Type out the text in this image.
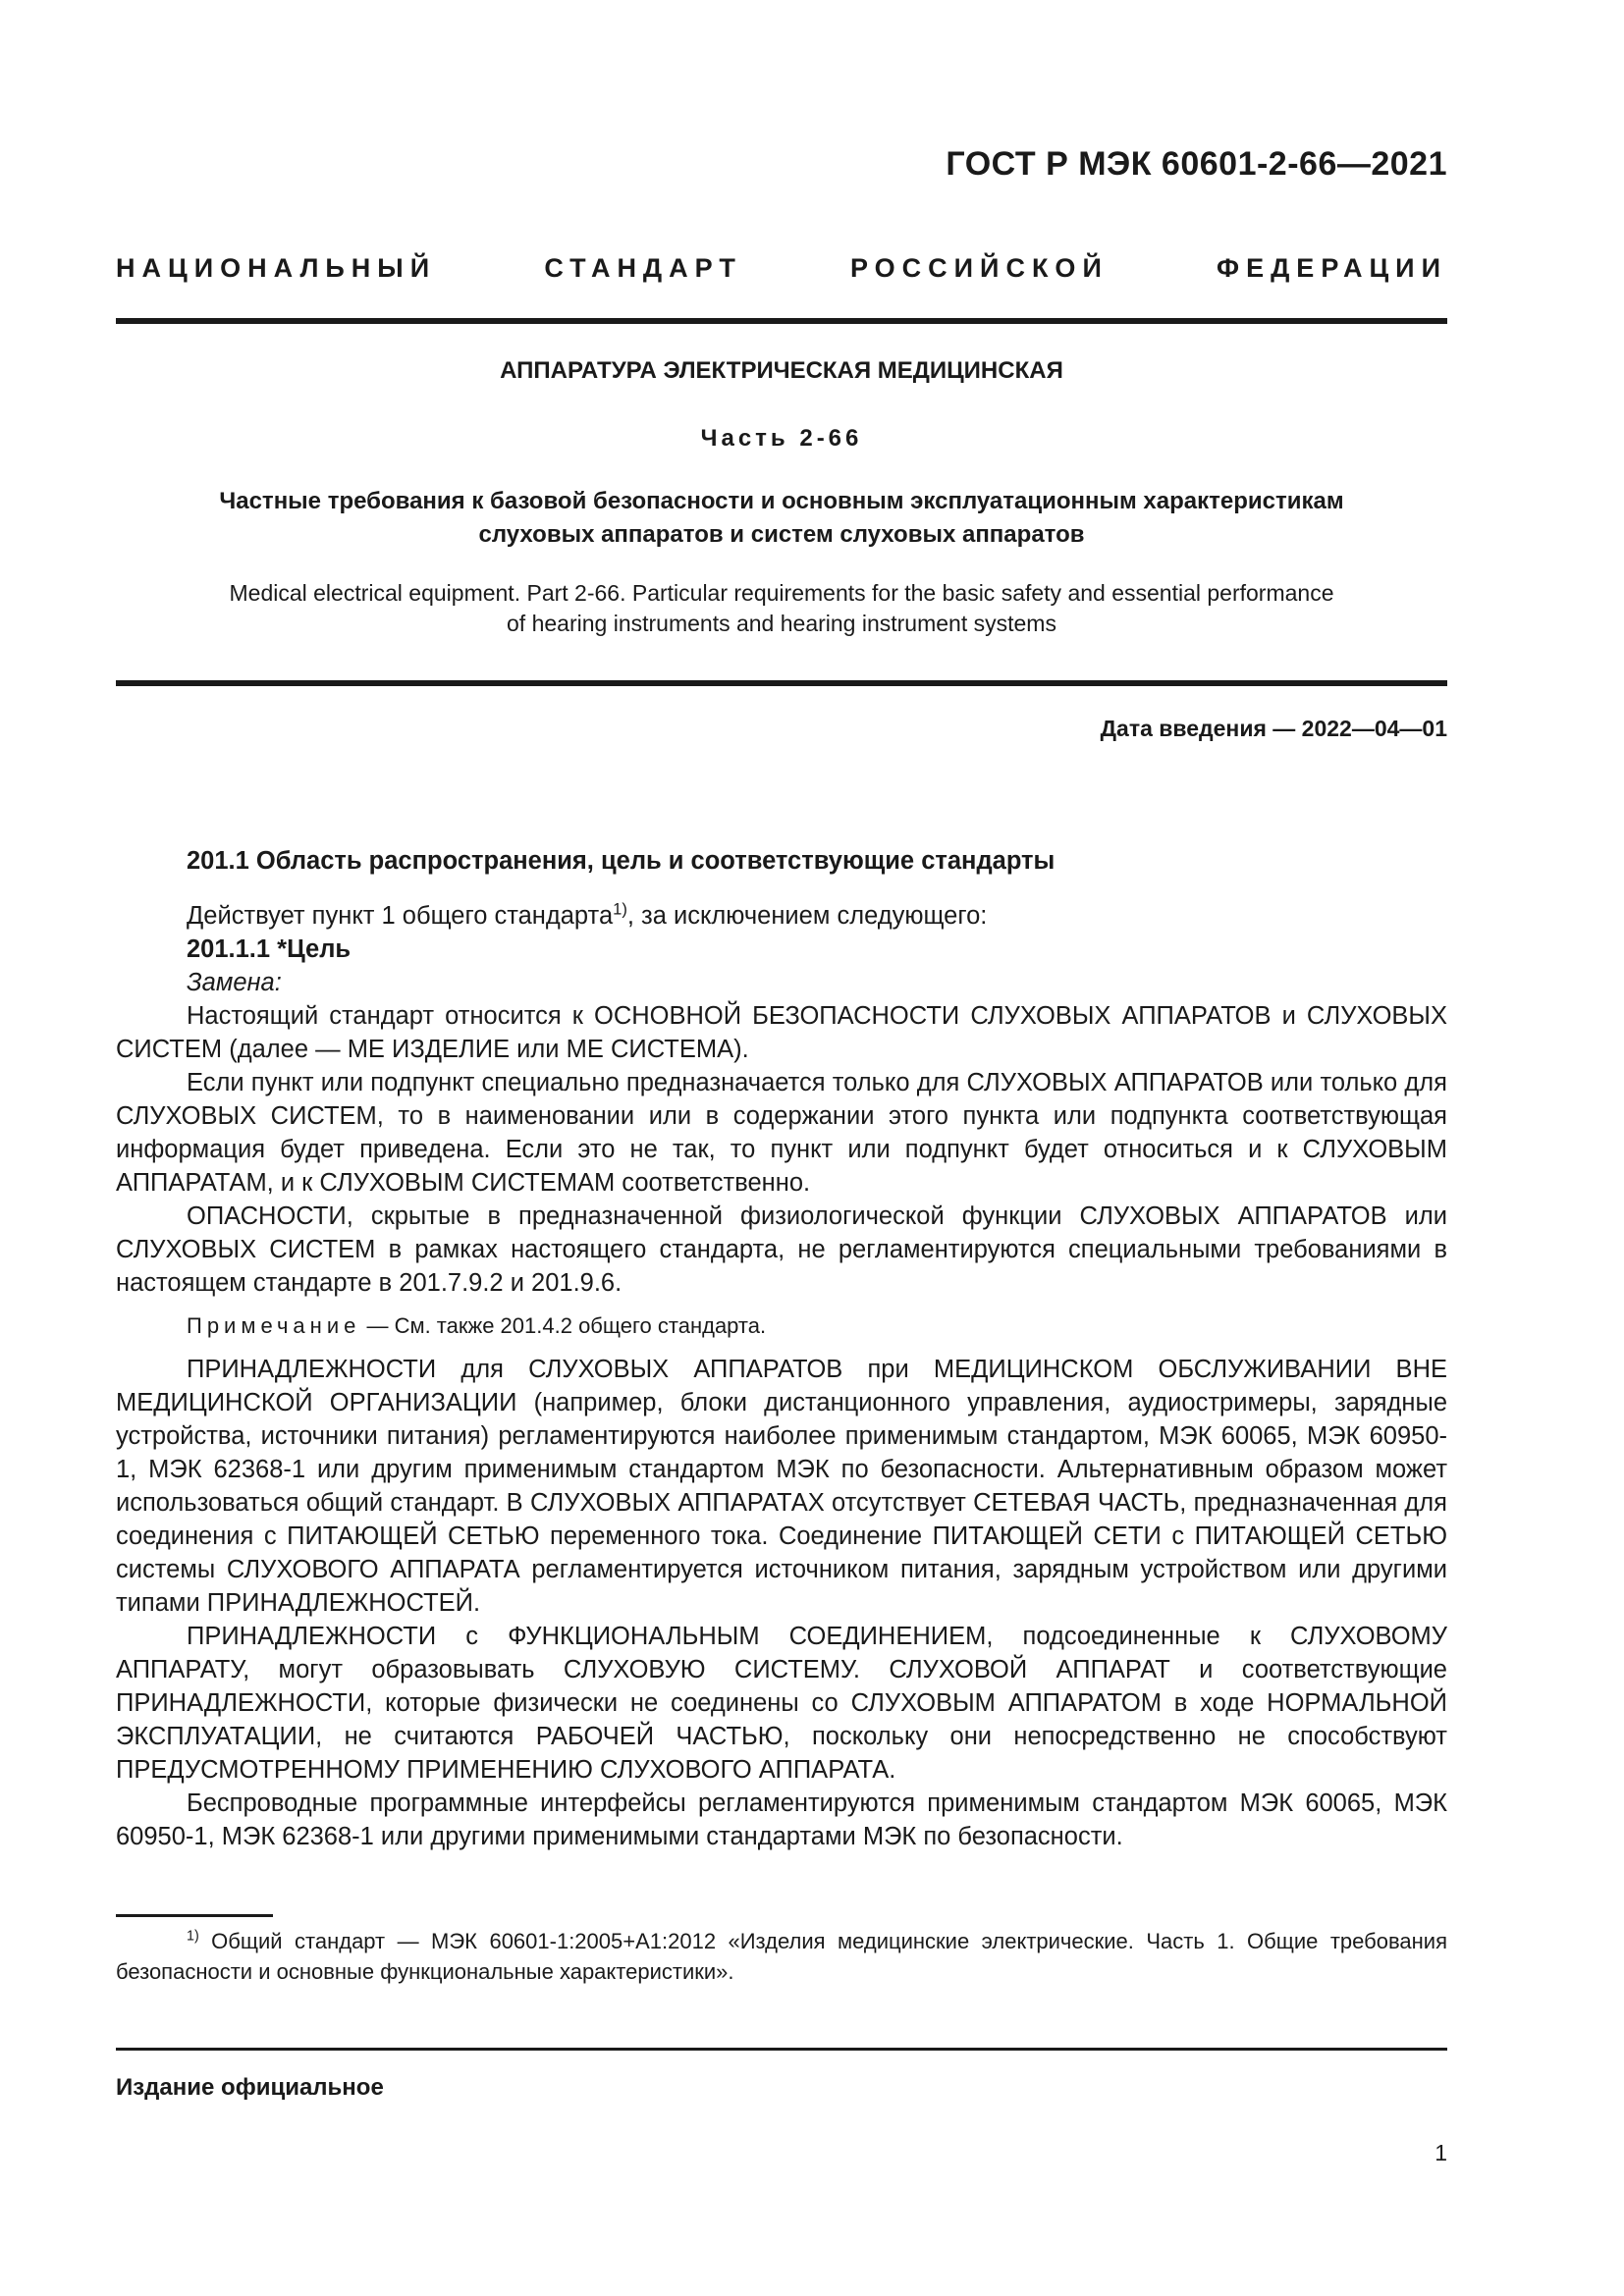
ГОСТ Р МЭК 60601-2-66—2021
НАЦИОНАЛЬНЫЙ СТАНДАРТ РОССИЙСКОЙ ФЕДЕРАЦИИ
АППАРАТУРА ЭЛЕКТРИЧЕСКАЯ МЕДИЦИНСКАЯ
Часть 2-66
Частные требования к базовой безопасности и основным эксплуатационным характеристикам
слуховых аппаратов и систем слуховых аппаратов
Medical electrical equipment. Part 2-66. Particular requirements for the basic safety and essential performance
of hearing instruments and hearing instrument systems
Дата введения — 2022—04—01

201.1 Область распространения, цель и соответствующие стандарты

Действует пункт 1 общего стандарта$^{1)}$, за исключением следующего:

201.1.1 *Цель

Замена:

Настоящий стандарт относится к ОСНОВНОЙ БЕЗОПАСНОСТИ СЛУХОВЫХ АППАРАТОВ и СЛУХОВЫХ СИСТЕМ (далее — МЕ ИЗДЕЛИЕ или МЕ СИСТЕМА).

Если пункт или подпункт специально предназначается только для СЛУХОВЫХ АППАРАТОВ или только для СЛУХОВЫХ СИСТЕМ, то в наименовании или в содержании этого пункта или подпункта соответствующая информация будет приведена. Если это не так, то пункт или подпункт будет относиться и к СЛУХОВЫМ АППАРАТАМ, и к СЛУХОВЫМ СИСТЕМАМ соответственно.

ОПАСНОСТИ, скрытые в предназначенной физиологической функции СЛУХОВЫХ АППАРАТОВ или СЛУХОВЫХ СИСТЕМ в рамках настоящего стандарта, не регламентируются специальными требованиями в настоящем стандарте в 201.7.9.2 и 201.9.6.

Примечание — См. также 201.4.2 общего стандарта.

ПРИНАДЛЕЖНОСТИ для СЛУХОВЫХ АППАРАТОВ при МЕДИЦИНСКОМ ОБСЛУЖИВАНИИ ВНЕ МЕДИЦИНСКОЙ ОРГАНИЗАЦИИ (например, блоки дистанционного управления, аудиостримеры, зарядные устройства, источники питания) регламентируются наиболее применимым стандартом, МЭК 60065, МЭК 60950-1, МЭК 62368-1 или другим применимым стандартом МЭК по безопасности. Альтернативным образом может использоваться общий стандарт. В СЛУХОВЫХ АППАРАТАХ отсутствует СЕТЕВАЯ ЧАСТЬ, предназначенная для соединения с ПИТАЮЩЕЙ СЕТЬЮ переменного тока. Соединение ПИТАЮЩЕЙ СЕТИ с ПИТАЮЩЕЙ СЕТЬЮ системы СЛУХОВОГО АППАРАТА регламентируется источником питания, зарядным устройством или другими типами ПРИНАДЛЕЖНОСТЕЙ.

ПРИНАДЛЕЖНОСТИ с ФУНКЦИОНАЛЬНЫМ СОЕДИНЕНИЕМ, подсоединенные к СЛУХОВОМУ АППАРАТУ, могут образовывать СЛУХОВУЮ СИСТЕМУ. СЛУХОВОЙ АППАРАТ и соответствующие ПРИНАДЛЕЖНОСТИ, которые физически не соединены со СЛУХОВЫМ АППАРАТОМ в ходе НОРМАЛЬНОЙ ЭКСПЛУАТАЦИИ, не считаются РАБОЧЕЙ ЧАСТЬЮ, поскольку они непосредственно не способствуют ПРЕДУСМОТРЕННОМУ ПРИМЕНЕНИЮ СЛУХОВОГО АППАРАТА.

Беспроводные программные интерфейсы регламентируются применимым стандартом МЭК 60065, МЭК 60950-1, МЭК 62368-1 или другими применимыми стандартами МЭК по безопасности.

$^{1)}$ Общий стандарт — МЭК 60601-1:2005+A1:2012 «Изделия медицинские электрические. Часть 1. Общие требования безопасности и основные функциональные характеристики».

Издание официальное
1
